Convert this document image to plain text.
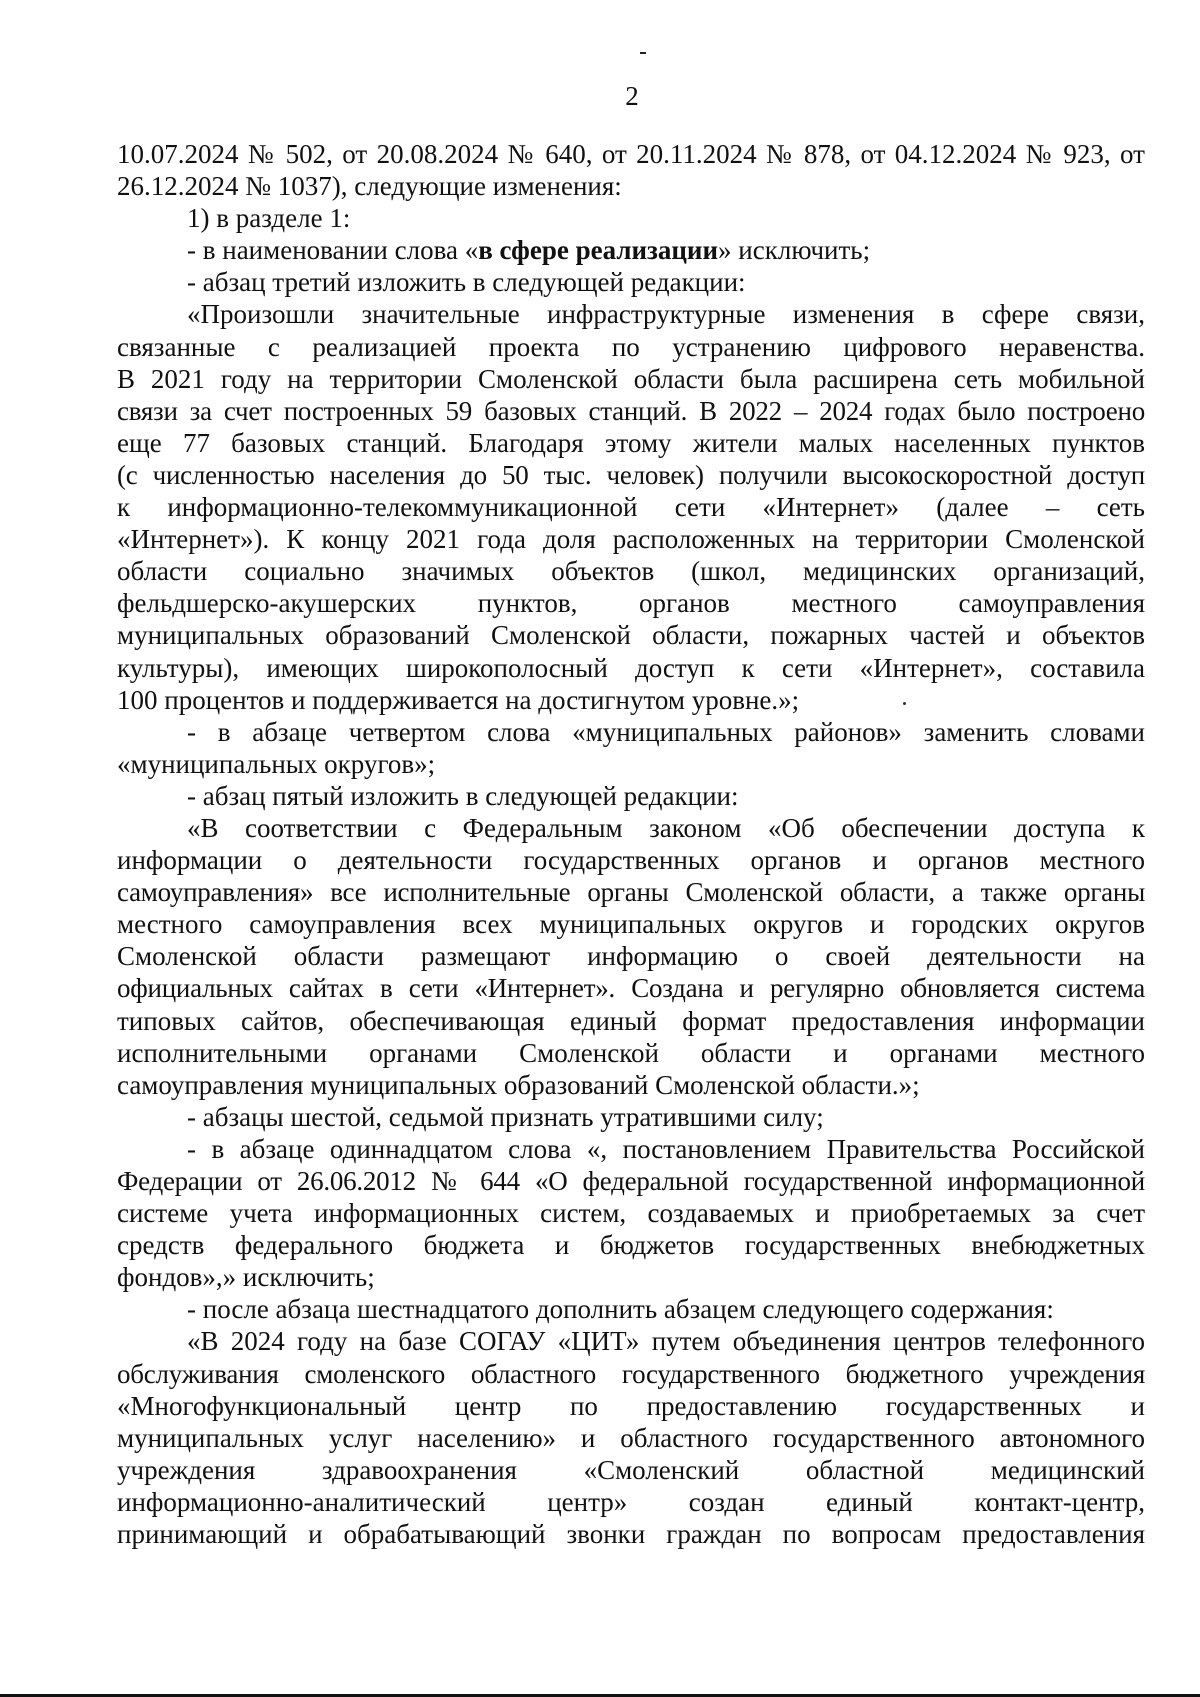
2
10.07.2024 № 502, от 20.08.2024 № 640, от 20.11.2024 № 878, от 04.12.2024 № 923, от
26.12.2024 № 1037), следующие изменения:
1) в разделе 1:
- в наименовании слова «в сфере реализации» исключить;
- абзац третий изложить в следующей редакции:
«Произошли значительные инфраструктурные изменения в сфере связи,
связанные с реализацией проекта по устранению цифрового неравенства.
В 2021 году на территории Смоленской области была расширена сеть мобильной
связи за счет построенных 59 базовых станций. В 2022 – 2024 годах было построено
еще 77 базовых станций. Благодаря этому жители малых населенных пунктов
(с численностью населения до 50 тыс. человек) получили высокоскоростной доступ
к информационно-телекоммуникационной сети «Интернет» (далее – сеть
«Интернет»). К концу 2021 года доля расположенных на территории Смоленской
области социально значимых объектов (школ, медицинских организаций,
фельдшерско-акушерских пунктов, органов местного самоуправления
муниципальных образований Смоленской области, пожарных частей и объектов
культуры), имеющих широкополосный доступ к сети «Интернет», составила
100 процентов и поддерживается на достигнутом уровне.»;
- в абзаце четвертом слова «муниципальных районов» заменить словами
«муниципальных округов»;
- абзац пятый изложить в следующей редакции:
«В соответствии с Федеральным законом «Об обеспечении доступа к
информации о деятельности государственных органов и органов местного
самоуправления» все исполнительные органы Смоленской области, а также органы
местного самоуправления всех муниципальных округов и городских округов
Смоленской области размещают информацию о своей деятельности на
официальных сайтах в сети «Интернет». Создана и регулярно обновляется система
типовых сайтов, обеспечивающая единый формат предоставления информации
исполнительными органами Смоленской области и органами местного
самоуправления муниципальных образований Смоленской области.»;
- абзацы шестой, седьмой признать утратившими силу;
- в абзаце одиннадцатом слова «, постановлением Правительства Российской
Федерации от 26.06.2012 № 644 «О федеральной государственной информационной
системе учета информационных систем, создаваемых и приобретаемых за счет
средств федерального бюджета и бюджетов государственных внебюджетных
фондов»,» исключить;
- после абзаца шестнадцатого дополнить абзацем следующего содержания:
«В 2024 году на базе СОГАУ «ЦИТ» путем объединения центров телефонного
обслуживания смоленского областного государственного бюджетного учреждения
«Многофункциональный центр по предоставлению государственных и
муниципальных услуг населению» и областного государственного автономного
учреждения здравоохранения «Смоленский областной медицинский
информационно-аналитический центр» создан единый контакт-центр,
принимающий и обрабатывающий звонки граждан по вопросам предоставления
